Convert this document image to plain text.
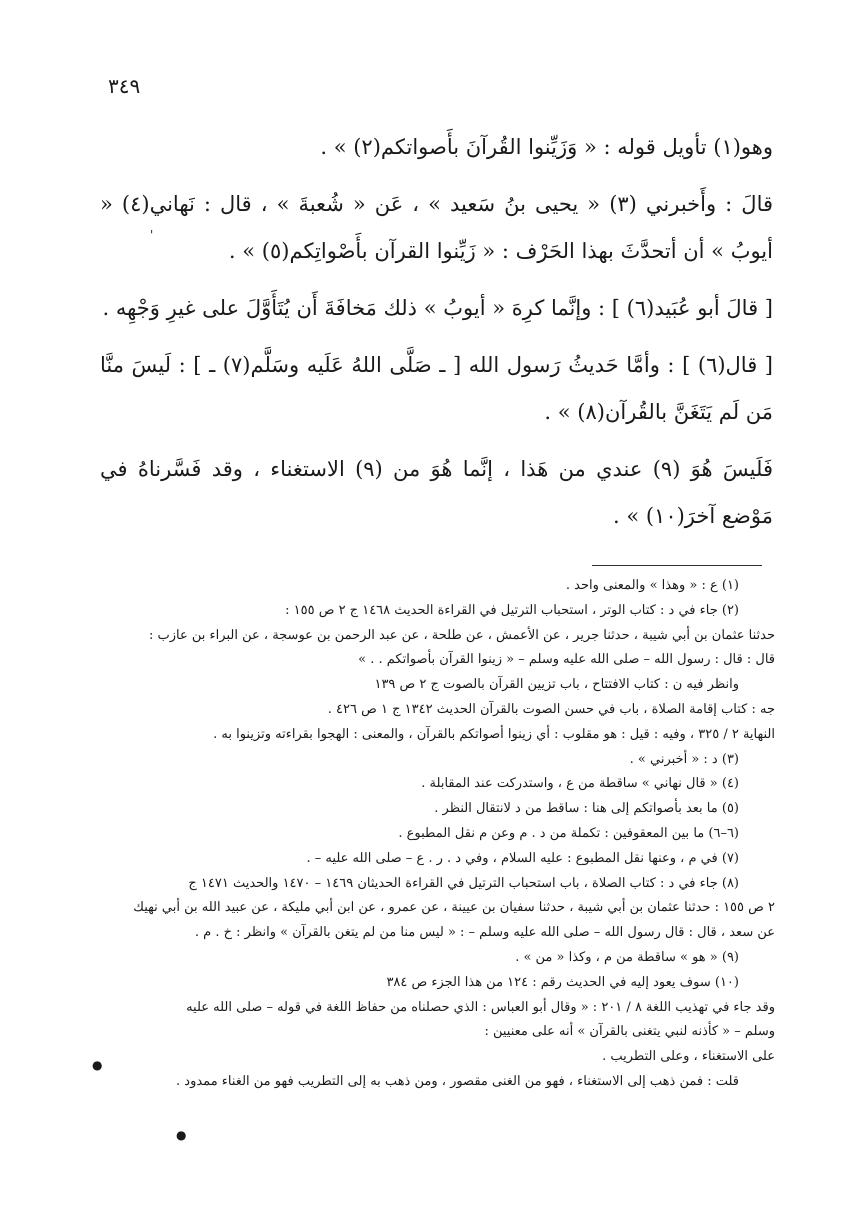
٣٤٩
'

وهو(١) تأويل قوله : « وَزَيِّنوا القُرآنَ بأَصواتكم(٢) » .

قالَ : وأَخبرني (٣) « يحيى بنُ سَعيد » ، عَن « شُعبةَ » ، قال : نَهاني(٤) « أيوبُ » أن أتحدَّثَ بهذا الحَرْف : « زَيِّنوا القرآن بأَصْواتِكم(٥) » .

[ قالَ أبو عُبَيد(٦) ] : وإنَّما كرِهَ « أيوبُ » ذلك مَخافَةَ أَن يُتَأَوَّلَ على غيرِ وَجْهِه .

[ قال(٦) ] : وأمَّا حَديثُ رَسول الله [ ـ صَلَّى اللهُ عَلَيه وسَلَّم(٧) ـ ] : لَيسَ منَّا مَن لَم يَتَغَنَّ بالقُرآن(٨) » .

فَلَيسَ هُوَ (٩) عندي من هَذا ، إنَّما هُوَ من (٩) الاستغناء ، وقد فَسَّرناهُ في مَوْضع آخرَ(١٠) » .

(١) ع : « وهذا » والمعنى واحد .

(٢) جاء في د : كتاب الوتر ، استحباب الترتيل في القراءة الحديث ١٤٦٨ ج ٢ ص ١٥٥ :

حدثنا عثمان بن أبي شيبة ، حدثنا جرير ، عن الأعمش ، عن طلحة ، عن عبد الرحمن بن عوسجة ، عن البراء بن عازب :

قال : قال : رسول الله – صلى الله عليه وسلم – « زينوا القرآن بأصواتكم . . »

وانظر فيه ن : كتاب الافتتاح ، باب تزيين القرآن بالصوت ج ٢ ص ١٣٩

جه : كتاب إقامة الصلاة ، باب في حسن الصوت بالقرآن الحديث ١٣٤٢ ج ١ ص ٤٢٦ .

النهاية ٢ / ٣٢٥ ، وفيه : قيل : هو مقلوب : أي زينوا أصواتكم بالقرآن ، والمعنى : الهجوا بقراءته وتزينوا به .

(٣) د : « أخبرني » .

(٤) « قال نهاني » ساقطة من ع ، واستدركت عند المقابلة .

(٥) ما بعد بأصواتكم إلى هنا : ساقط من د لانتقال النظر .

(٦–٦) ما بين المعقوفين : تكملة من د . م وعن م نقل المطبوع .

(٧) في م ، وعنها نقل المطبوع : عليه السلام ، وفي د . ر . ع – صلى الله عليه – .

(٨) جاء في د : كتاب الصلاة ، باب استحباب الترتيل في القراءة الحديثان ١٤٦٩ – ١٤٧٠ والحديث ١٤٧١ ج

٢ ص ١٥٥ : حدثنا عثمان بن أبي شيبة ، حدثنا سفيان بن عيينة ، عن عمرو ، عن ابن أبي مليكة ، عن عبيد الله بن أبي نهيك

عن سعد ، قال : قال رسول الله – صلى الله عليه وسلم – : « ليس منا من لم يتغن بالقرآن » وانظر : خ . م .

(٩) « هو » ساقطة من م ، وكذا « من » .

(١٠) سوف يعود إليه في الحديث رقم : ١٢٤ من هذا الجزء ص ٣٨٤

وقد جاء في تهذيب اللغة ٨ / ٢٠١ : « وقال أبو العباس : الذي حصلناه من حفاظ اللغة في قوله – صلى الله عليه

وسلم – « كأذنه لنبي يتغنى بالقرآن » أنه على معنيين :

على الاستغناء ، وعلى التطريب .

قلت : فمن ذهب إلى الاستغناء ، فهو من الغنى مقصور ، ومن ذهب به إلى التطريب فهو من الغناء ممدود .

●
●
